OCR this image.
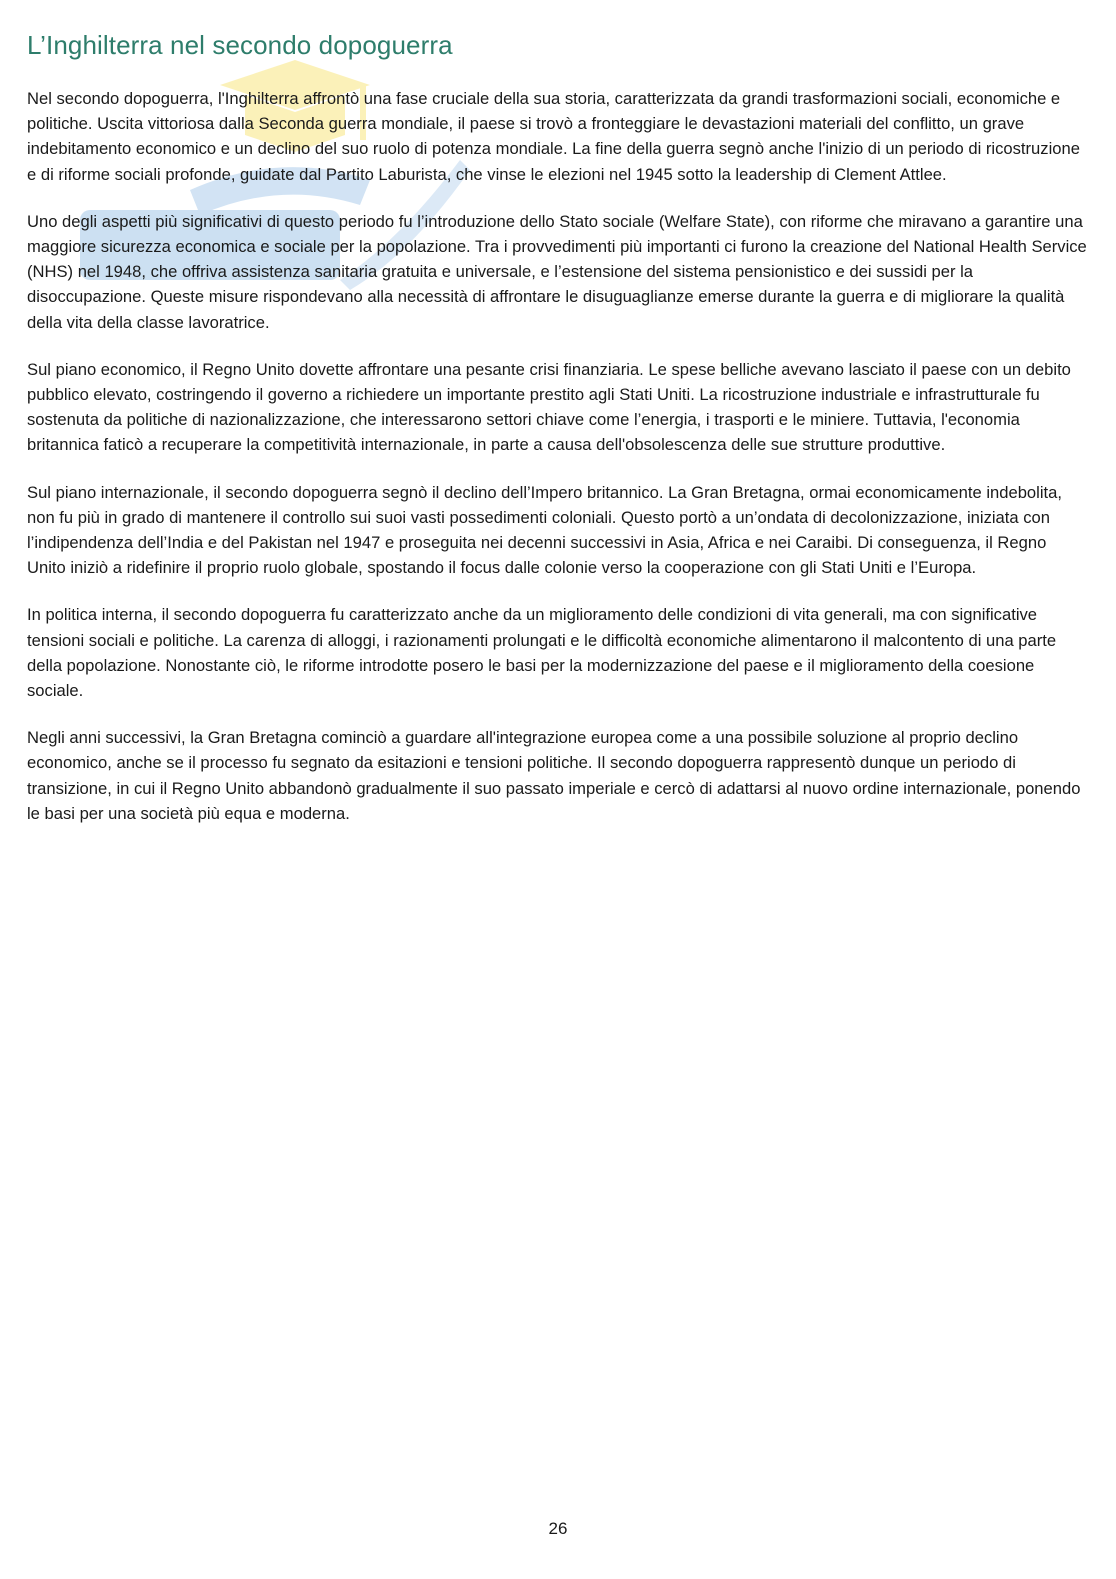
L’Inghilterra nel secondo dopoguerra

Nel secondo dopoguerra, l'Inghilterra affrontò una fase cruciale della sua storia, caratterizzata da grandi trasformazioni sociali, economiche e politiche. Uscita vittoriosa dalla Seconda guerra mondiale, il paese si trovò a fronteggiare le devastazioni materiali del conflitto, un grave indebitamento economico e un declino del suo ruolo di potenza mondiale. La fine della guerra segnò anche l'inizio di un periodo di ricostruzione e di riforme sociali profonde, guidate dal Partito Laburista, che vinse le elezioni nel 1945 sotto la leadership di Clement Attlee.

Uno degli aspetti più significativi di questo periodo fu l’introduzione dello Stato sociale (Welfare State), con riforme che miravano a garantire una maggiore sicurezza economica e sociale per la popolazione. Tra i provvedimenti più importanti ci furono la creazione del National Health Service (NHS) nel 1948, che offriva assistenza sanitaria gratuita e universale, e l’estensione del sistema pensionistico e dei sussidi per la disoccupazione. Queste misure rispondevano alla necessità di affrontare le disuguaglianze emerse durante la guerra e di migliorare la qualità della vita della classe lavoratrice.

Sul piano economico, il Regno Unito dovette affrontare una pesante crisi finanziaria. Le spese belliche avevano lasciato il paese con un debito pubblico elevato, costringendo il governo a richiedere un importante prestito agli Stati Uniti. La ricostruzione industriale e infrastrutturale fu sostenuta da politiche di nazionalizzazione, che interessarono settori chiave come l’energia, i trasporti e le miniere. Tuttavia, l'economia britannica faticò a recuperare la competitività internazionale, in parte a causa dell'obsolescenza delle sue strutture produttive.

Sul piano internazionale, il secondo dopoguerra segnò il declino dell’Impero britannico. La Gran Bretagna, ormai economicamente indebolita, non fu più in grado di mantenere il controllo sui suoi vasti possedimenti coloniali. Questo portò a un’ondata di decolonizzazione, iniziata con l’indipendenza dell’India e del Pakistan nel 1947 e proseguita nei decenni successivi in Asia, Africa e nei Caraibi. Di conseguenza, il Regno Unito iniziò a ridefinire il proprio ruolo globale, spostando il focus dalle colonie verso la cooperazione con gli Stati Uniti e l’Europa.

In politica interna, il secondo dopoguerra fu caratterizzato anche da un miglioramento delle condizioni di vita generali, ma con significative tensioni sociali e politiche. La carenza di alloggi, i razionamenti prolungati e le difficoltà economiche alimentarono il malcontento di una parte della popolazione. Nonostante ciò, le riforme introdotte posero le basi per la modernizzazione del paese e il miglioramento della coesione sociale.

Negli anni successivi, la Gran Bretagna cominciò a guardare all'integrazione europea come a una possibile soluzione al proprio declino economico, anche se il processo fu segnato da esitazioni e tensioni politiche. Il secondo dopoguerra rappresentò dunque un periodo di transizione, in cui il Regno Unito abbandonò gradualmente il suo passato imperiale e cercò di adattarsi al nuovo ordine internazionale, ponendo le basi per una società più equa e moderna.

26
